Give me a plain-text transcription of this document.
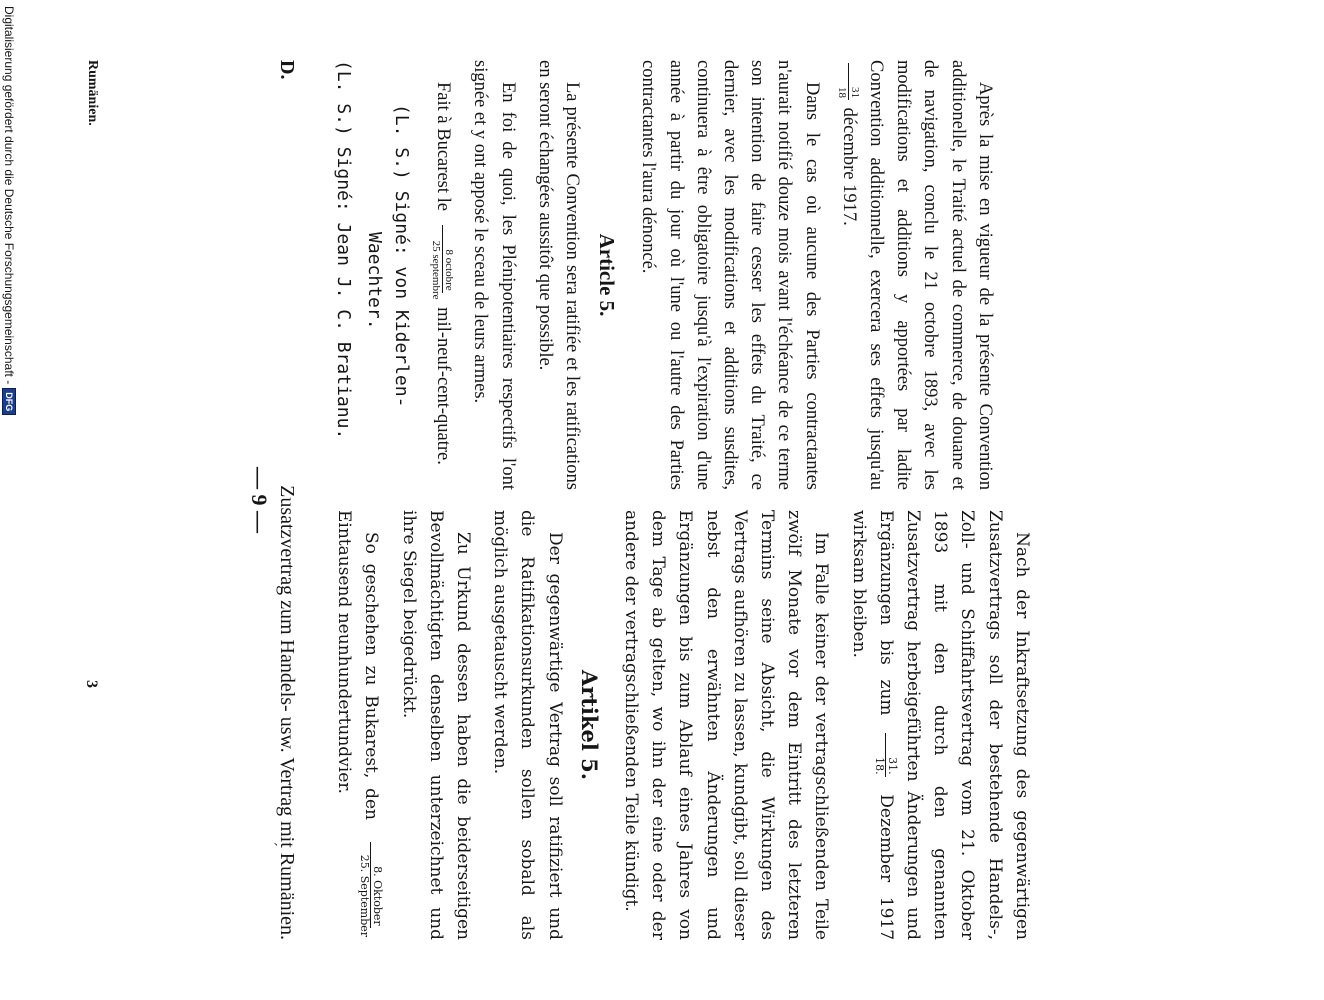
D.
Zusatzvertrag zum Handels- usw. Vertrag mit Rumänien.
— 9 —
´

Après la mise en vigueur de la présente Convention additionelle, le Traité actuel de commerce, de douane et de navigation, conclu le 21 octobre 1893, avec les modifications et additions y apportées par ladite Convention additionnelle, exercera ses effets jusqu'au
31
18
décembre 1917.

Dans le cas où aucune des Parties contractantes n'aurait notifié douze mois avant l'échéance de ce terme son intention de faire cesser les effets du Traité, ce dernier, avec les modifications et additions susdites, continuera à être obligatoire jusqu'à l'expiration d'une année à partir du jour où l'une ou l'autre des Parties contractantes l'aura dénoncé.

Article 5.

La présente Convention sera ratifiée et les ratifications en seront échangées aussitôt que possible.

En foi de quoi, les Plénipotentiaires respectifs l'ont signée et y ont apposé le sceau de leurs armes.

Fait à Bucarest le
8 octobre
25 septembre
mil-neuf-cent-quatre.

(L. S.) Signé: von Kiderlen-
Waechter.

(L. S.) Signé: Jean J. C. Bratianu.

Nach der Inkraftsetzung des gegenwärtigen Zusatzvertrags soll der bestehende Handels-, Zoll- und Schiffahrtsvertrag vom 21. Oktober 1893 mit den durch den genannten Zusatzvertrag herbeigeführten Änderungen und Ergänzungen bis zum
31.
18.
Dezember 1917 wirksam bleiben.

Im Falle keiner der vertragschließenden Teile zwölf Monate vor dem Eintritt des letzteren Termins seine Absicht, die Wirkungen des Vertrags aufhören zu lassen, kundgibt, soll dieser nebst den erwähnten Änderungen und Ergänzungen bis zum Ablauf eines Jahres von dem Tage ab gelten, wo ihn der eine oder der andere der vertragschließenden Teile kündigt.

Artikel 5.

Der gegenwärtige Vertrag soll ratifiziert und die Ratifikationsurkunden sollen sobald als möglich ausgetauscht werden.

Zu Urkund dessen haben die beiderseitigen Bevollmächtigten denselben unterzeichnet und ihre Siegel beigedrückt.

So geschehen zu Bukarest, den
8. Oktober
25. September
Eintausend neunhundertundvier.

Rumänien.
3
Digitalisierung gefördert durch die Deutsche Forschungsgemeinschaft -
DFG
